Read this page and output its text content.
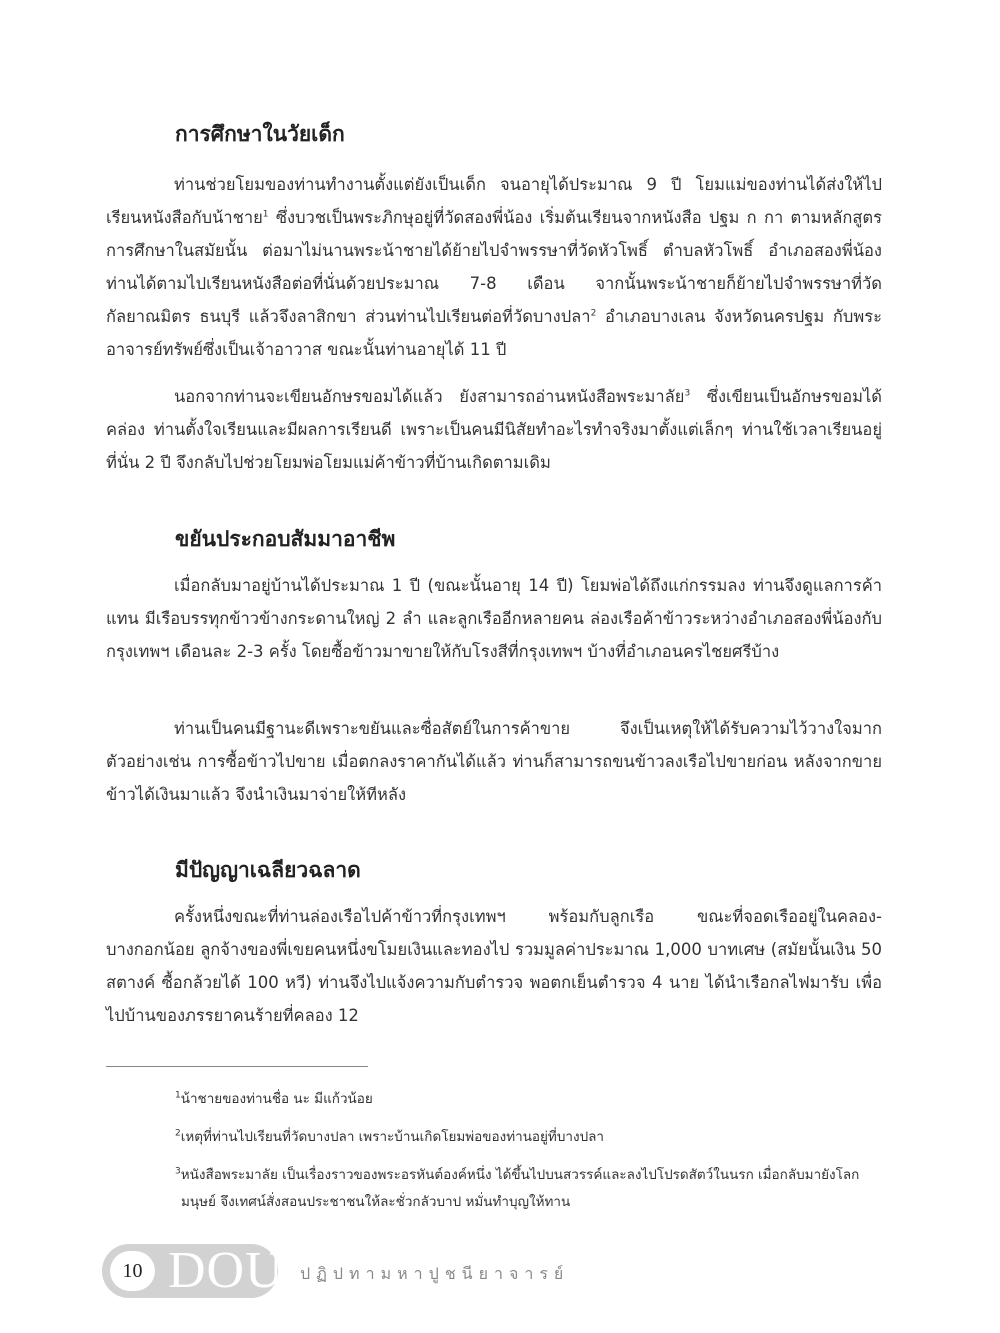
การศึกษาในวัยเด็ก

ท่านช่วยโยมของท่านทำงานตั้งแต่ยังเป็นเด็ก จนอายุได้ประมาณ 9 ปี โยมแม่ของท่านได้ส่งให้ไปเรียนหนังสือกับน้าชาย$^1$ ซึ่งบวชเป็นพระภิกษุอยู่ที่วัดสองพี่น้อง เริ่มต้นเรียนจากหนังสือ ปฐม ก กา ตามหลักสูตรการศึกษาในสมัยนั้น ต่อมาไม่นานพระน้าชายได้ย้ายไปจำพรรษาที่วัดหัวโพธิ์ ตำบลหัวโพธิ์ อำเภอสองพี่น้อง ท่านได้ตามไปเรียนหนังสือต่อที่นั่นด้วยประมาณ 7-8 เดือน จากนั้นพระน้าชายก็ย้ายไปจำพรรษาที่วัดกัลยาณมิตร ธนบุรี แล้วจึงลาสิกขา ส่วนท่านไปเรียนต่อที่วัดบางปลา$^2$ อำเภอบางเลน จังหวัดนครปฐม กับพระอาจารย์ทรัพย์ซึ่งเป็นเจ้าอาวาส ขณะนั้นท่านอายุได้ 11 ปี

นอกจากท่านจะเขียนอักษรขอมได้แล้ว ยังสามารถอ่านหนังสือพระมาลัย$^3$ ซึ่งเขียนเป็นอักษรขอมได้คล่อง ท่านตั้งใจเรียนและมีผลการเรียนดี เพราะเป็นคนมีนิสัยทำอะไรทำจริงมาตั้งแต่เล็กๆ ท่านใช้เวลาเรียนอยู่ที่นั่น 2 ปี จึงกลับไปช่วยโยมพ่อโยมแม่ค้าข้าวที่บ้านเกิดตามเดิม

ขยันประกอบสัมมาอาชีพ

เมื่อกลับมาอยู่บ้านได้ประมาณ 1 ปี (ขณะนั้นอายุ 14 ปี) โยมพ่อได้ถึงแก่กรรมลง ท่านจึงดูแลการค้าแทน มีเรือบรรทุกข้าวข้างกระดานใหญ่ 2 ลำ และลูกเรืออีกหลายคน ล่องเรือค้าข้าวระหว่างอำเภอสองพี่น้องกับกรุงเทพฯ เดือนละ 2-3 ครั้ง โดยซื้อข้าวมาขายให้กับโรงสีที่กรุงเทพฯ บ้างที่อำเภอนครไชยศรีบ้าง

ท่านเป็นคนมีฐานะดีเพราะขยันและซื่อสัตย์ในการค้าขาย จึงเป็นเหตุให้ได้รับความไว้วางใจมาก ตัวอย่างเช่น การซื้อข้าวไปขาย เมื่อตกลงราคากันได้แล้ว ท่านก็สามารถขนข้าวลงเรือไปขายก่อน หลังจากขายข้าวได้เงินมาแล้ว จึงนำเงินมาจ่ายให้ทีหลัง

มีปัญญาเฉลียวฉลาด

ครั้งหนึ่งขณะที่ท่านล่องเรือไปค้าข้าวที่กรุงเทพฯ พร้อมกับลูกเรือ ขณะที่จอดเรืออยู่ในคลอง-บางกอกน้อย ลูกจ้างของพี่เขยคนหนึ่งขโมยเงินและทองไป รวมมูลค่าประมาณ 1,000 บาทเศษ (สมัยนั้นเงิน 50 สตางค์ ซื้อกล้วยได้ 100 หวี) ท่านจึงไปแจ้งความกับตำรวจ พอตกเย็นตำรวจ 4 นาย ได้นำเรือกลไฟมารับ เพื่อไปบ้านของภรรยาคนร้ายที่คลอง 12

$^1$น้าชายของท่านชื่อ นะ มีแก้วน้อย

$^2$เหตุที่ท่านไปเรียนที่วัดบางปลา เพราะบ้านเกิดโยมพ่อของท่านอยู่ที่บางปลา

$^3$หนังสือพระมาลัย เป็นเรื่องราวของพระอรหันต์องค์หนึ่ง ได้ขึ้นไปบนสวรรค์และลงไปโปรดสัตว์ในนรก เมื่อกลับมายังโลกมนุษย์ จึงเทศน์สั่งสอนประชาชนให้ละชั่วกลัวบาป หมั่นทำบุญให้ทาน

10 DOU ปฏิปทามหาปูชนียาจารย์
